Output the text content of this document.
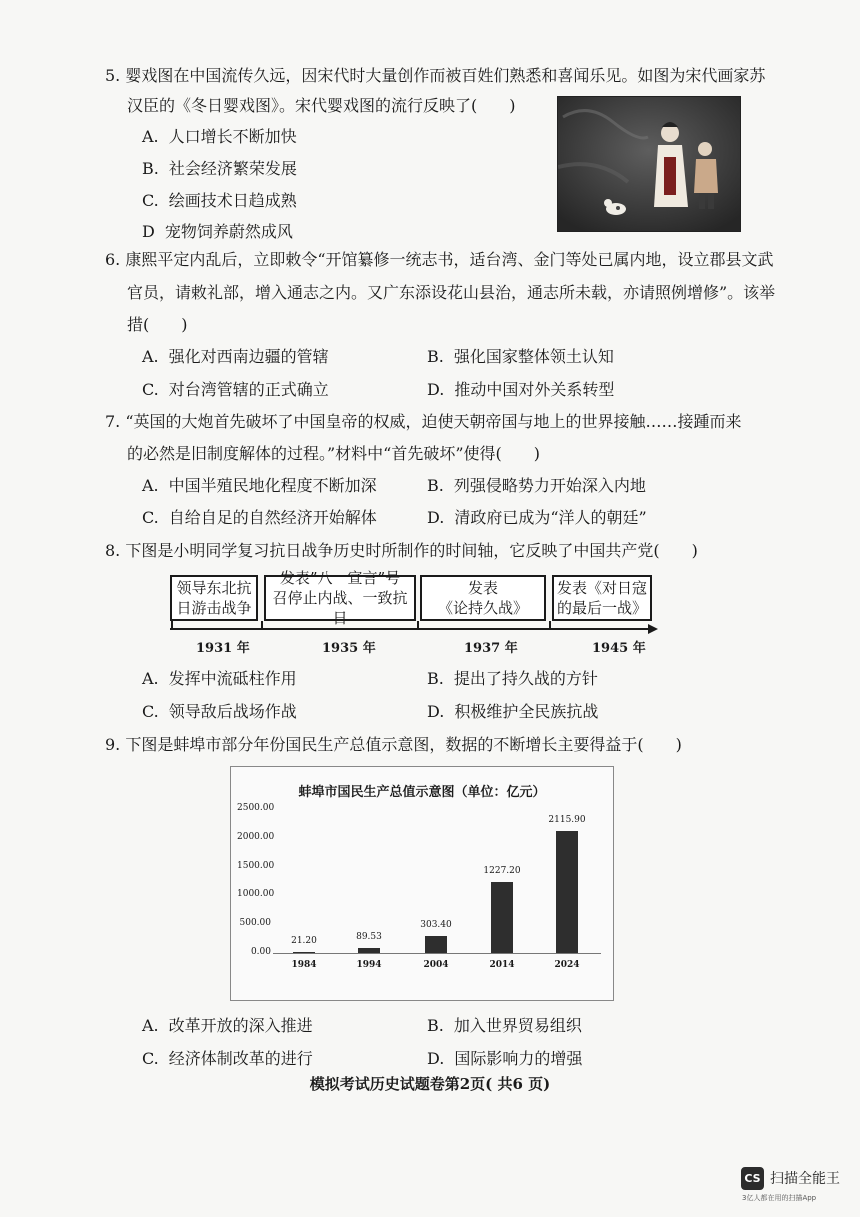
5. 婴戏图在中国流传久远，因宋代时大量创作而被百姓们熟悉和喜闻乐见。如图为宋代画家苏
汉臣的《冬日婴戏图》。宋代婴戏图的流行反映了(　　)
A. 人口增长不断加快
B. 社会经济繁荣发展
C. 绘画技术日趋成熟
D 宠物饲养蔚然成风
6. 康熙平定内乱后，立即敕令“开馆纂修一统志书，适台湾、金门等处已属内地，设立郡县文武
官员，请敕礼部，增入通志之内。又广东添设花山县治，通志所未载，亦请照例增修”。该举
措(　　)
A. 强化对西南边疆的管辖	B. 强化国家整体领土认知
C. 对台湾管辖的正式确立	D. 推动中国对外关系转型
7. “英国的大炮首先破坏了中国皇帝的权威，迫使天朝帝国与地上的世界接触……接踵而来
的必然是旧制度解体的过程。”材料中“首先破坏”使得(　　)
A. 中国半殖民地化程度不断加深	B. 列强侵略势力开始深入内地
C. 自给自足的自然经济开始解体	D. 清政府已成为“洋人的朝廷”
8. 下图是小明同学复习抗日战争历史时所制作的时间轴，它反映了中国共产党(　　)
领导东北抗
日游击战争
发表”八一宣言”号
召停止内战、一致抗日
发表
《论持久战》
发表《对日寇
的最后一战》
1931 年	1935 年	1937 年	1945 年
A. 发挥中流砥柱作用	B. 提出了持久战的方针
C. 领导敌后战场作战	D. 积极维护全民族抗战
9. 下图是蚌埠市部分年份国民生产总值示意图，数据的不断增长主要得益于(　　)
蚌埠市国民生产总值示意图（单位：亿元）
2500.00
2000.00
1500.00
1000.00
500.00
0.00
21.20
1984
89.53
1994
303.40
2004
1227.20
2014
2115.90
2024
A. 改革开放的深入推进	B. 加入世界贸易组织
C. 经济体制改革的进行	D. 国际影响力的增强
模拟考试历史试题卷第2页( 共6 页)
CS 扫描全能王
3亿人都在用的扫描App
